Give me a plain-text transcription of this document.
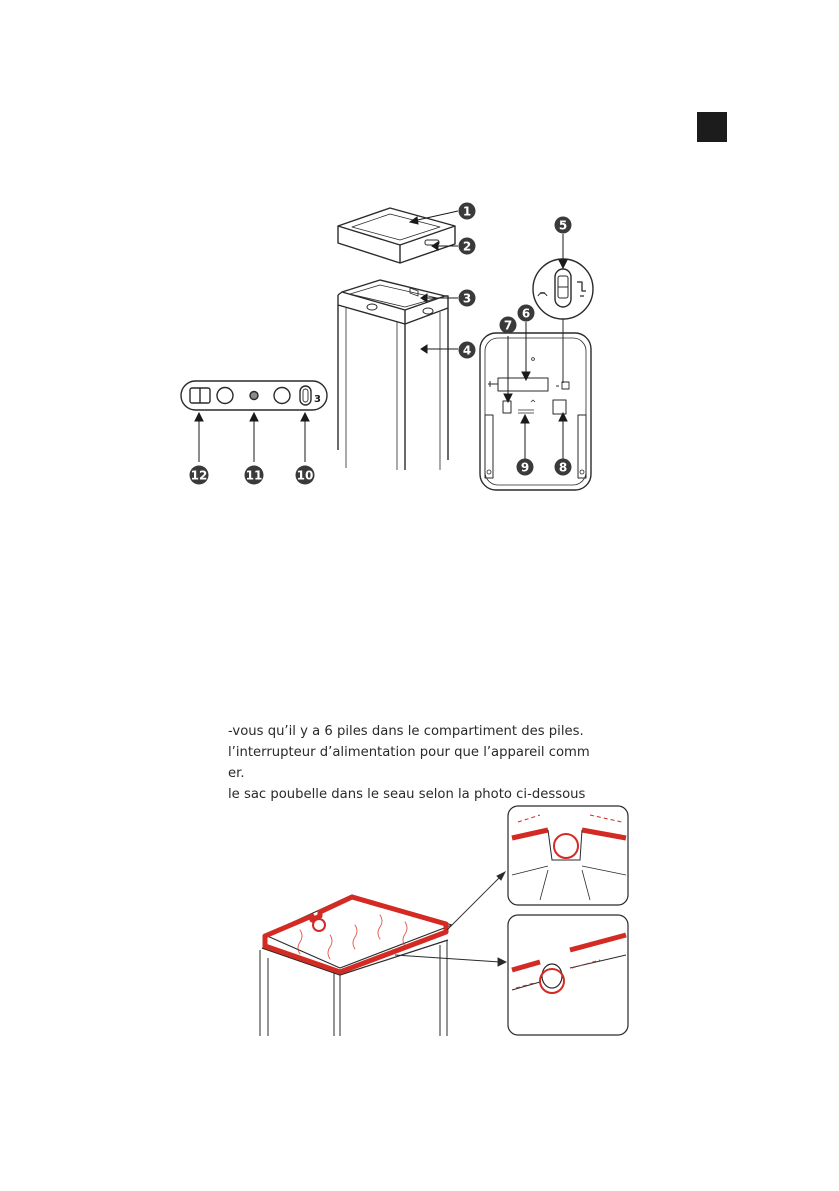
1
2
3
4
5
6
7
8
9
10
11
12
3
-vous qu’il y a 6 piles dans le compartiment des piles.
l’interrupteur d’alimentation pour que l’appareil comm
er.
le sac poubelle dans le seau selon la photo ci-dessous
